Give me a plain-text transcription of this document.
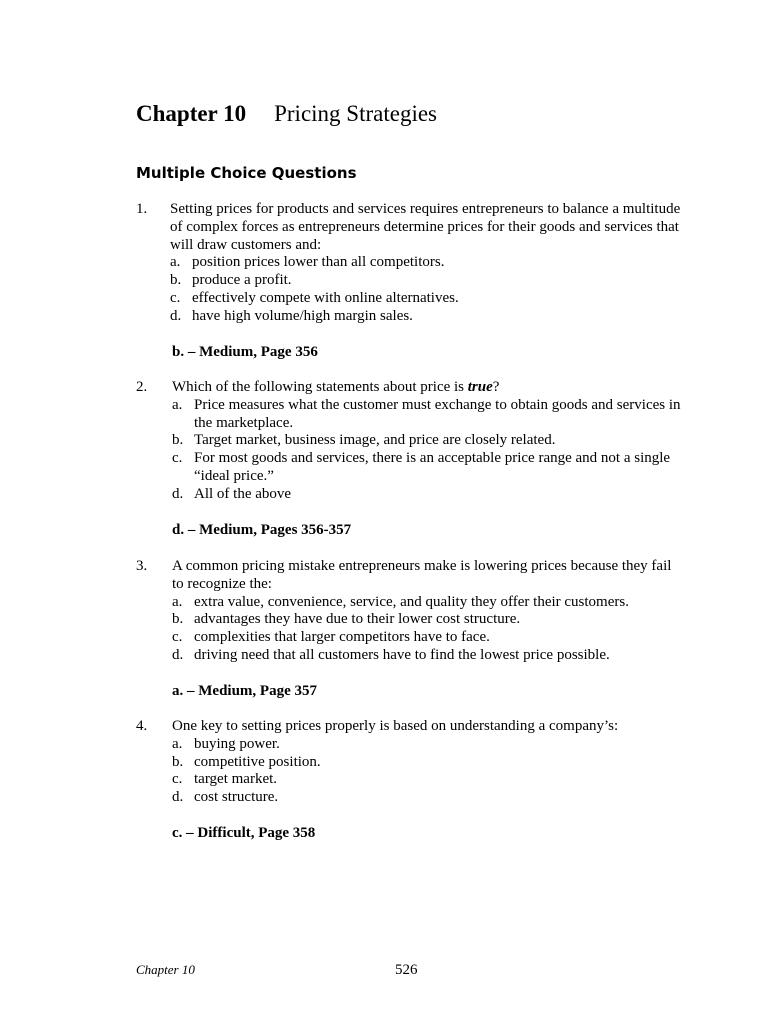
Chapter 10 Pricing Strategies
Multiple Choice Questions
1. Setting prices for products and services requires entrepreneurs to balance a multitude of complex forces as entrepreneurs determine prices for their goods and services that will draw customers and:
a. position prices lower than all competitors.
b. produce a profit.
c. effectively compete with online alternatives.
d. have high volume/high margin sales.
b. – Medium, Page 356
2. Which of the following statements about price is true?
a. Price measures what the customer must exchange to obtain goods and services in the marketplace.
b. Target market, business image, and price are closely related.
c. For most goods and services, there is an acceptable price range and not a single “ideal price.”
d. All of the above
d. – Medium, Pages 356-357
3. A common pricing mistake entrepreneurs make is lowering prices because they fail to recognize the:
a. extra value, convenience, service, and quality they offer their customers.
b. advantages they have due to their lower cost structure.
c. complexities that larger competitors have to face.
d. driving need that all customers have to find the lowest price possible.
a. – Medium, Page 357
4. One key to setting prices properly is based on understanding a company’s:
a. buying power.
b. competitive position.
c. target market.
d. cost structure.
c. – Difficult, Page 358
Chapter 10	526
